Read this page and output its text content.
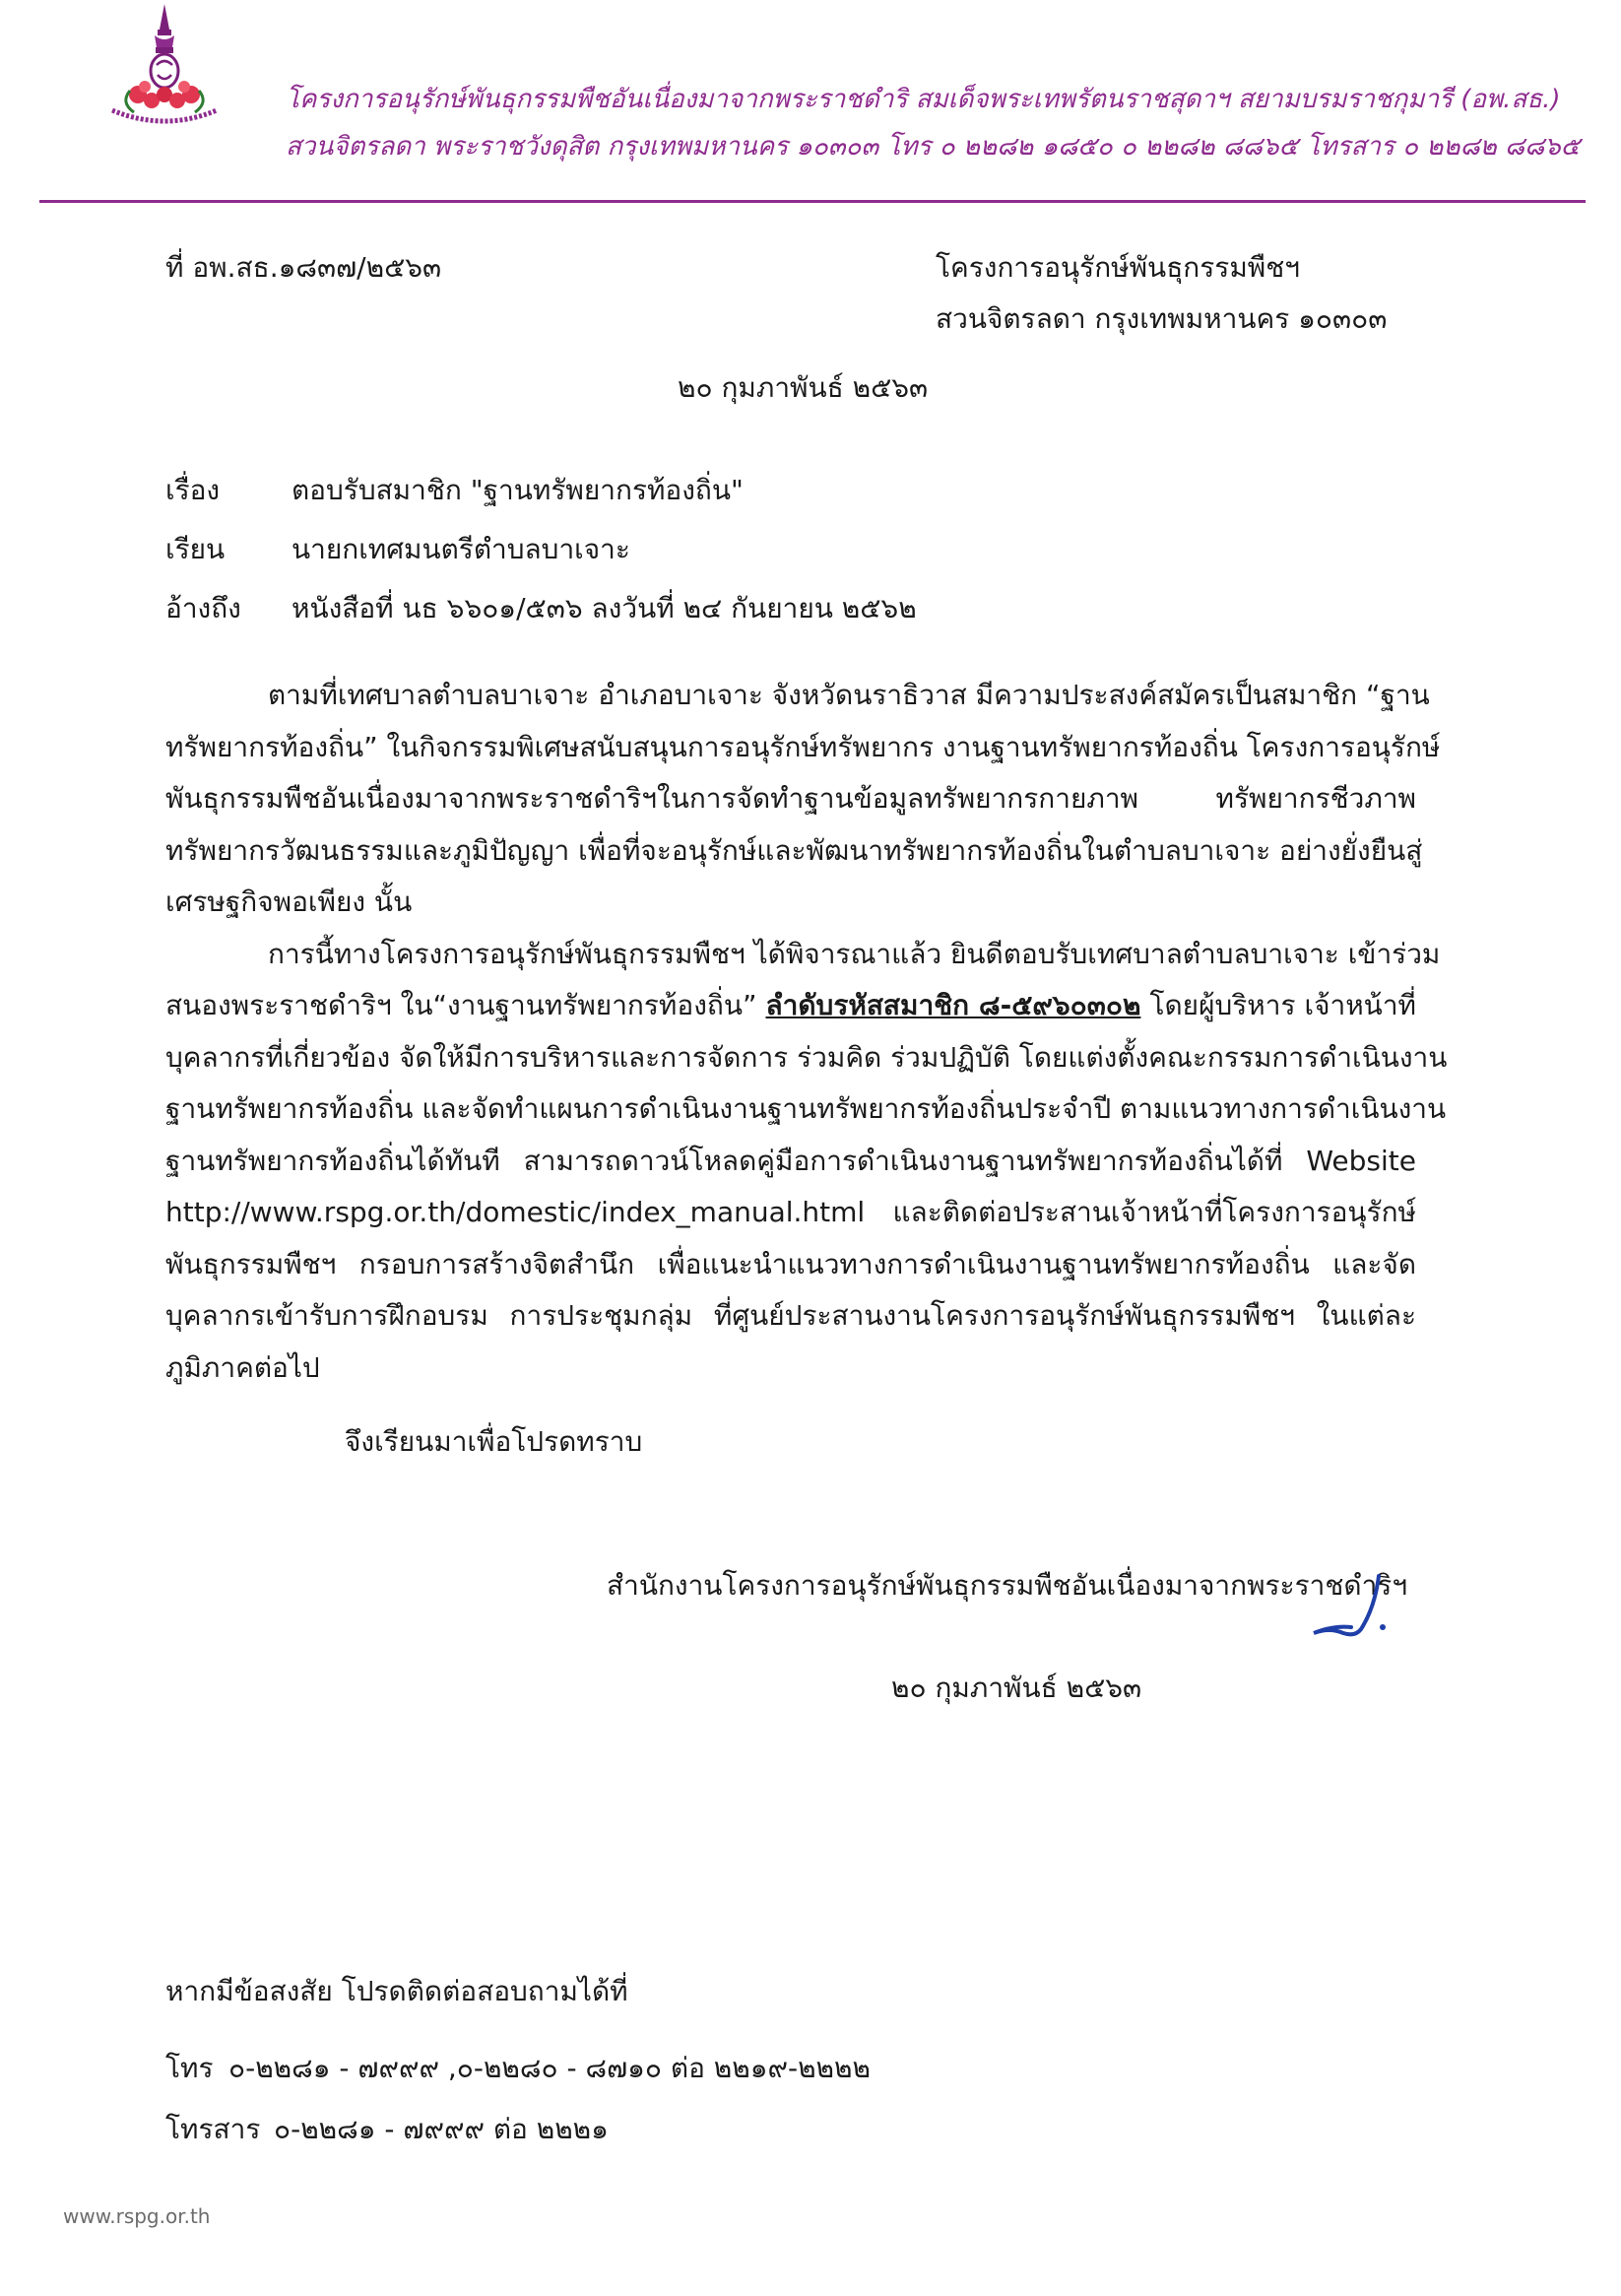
โครงการอนุรักษ์พันธุกรรมพืชอันเนื่องมาจากพระราชดำริ สมเด็จพระเทพรัตนราชสุดาฯ สยามบรมราชกุมารี (อพ.สธ.)
สวนจิตรลดา พระราชวังดุสิต กรุงเทพมหานคร ๑๐๓๐๓ โทร ๐ ๒๒๘๒ ๑๘๕๐ ๐ ๒๒๘๒ ๘๘๖๕ โทรสาร ๐ ๒๒๘๒ ๘๘๖๕
ที่ อพ.สธ.๑๘๓๗/๒๕๖๓	โครงการอนุรักษ์พันธุกรรมพืชฯ
สวนจิตรลดา กรุงเทพมหานคร ๑๐๓๐๓
๒๐ กุมภาพันธ์ ๒๕๖๓
เรื่อง	ตอบรับสมาชิก "ฐานทรัพยากรท้องถิ่น"
เรียน นายกเทศมนตรีตำบลบาเจาะ
อ้างถึง หนังสือที่ นธ ๖๖๐๑/๕๓๖ ลงวันที่ ๒๔ กันยายน ๒๕๖๒
ตามที่เทศบาลตำบลบาเจาะ อำเภอบาเจาะ จังหวัดนราธิวาส มีความประสงค์สมัครเป็นสมาชิก “ฐาน
ทรัพยากรท้องถิ่น” ในกิจกรรมพิเศษสนับสนุนการอนุรักษ์ทรัพยากร งานฐานทรัพยากรท้องถิ่น โครงการอนุรักษ์
พันธุกรรมพืชอันเนื่องมาจากพระราชดำริฯในการจัดทำฐานข้อมูลทรัพยากรกายภาพ ทรัพยากรชีวภาพ
ทรัพยากรวัฒนธรรมและภูมิปัญญา เพื่อที่จะอนุรักษ์และพัฒนาทรัพยากรท้องถิ่นในตำบลบาเจาะ อย่างยั่งยืนสู่
เศรษฐกิจพอเพียง นั้น
การนี้ทางโครงการอนุรักษ์พันธุกรรมพืชฯ ได้พิจารณาแล้ว ยินดีตอบรับเทศบาลตำบลบาเจาะ เข้าร่วม
สนองพระราชดำริฯ ใน“งานฐานทรัพยากรท้องถิ่น” ลำดับรหัสสมาชิก ๘-๕๙๖๐๓๐๒ โดยผู้บริหาร เจ้าหน้าที่
บุคลากรที่เกี่ยวข้อง จัดให้มีการบริหารและการจัดการ ร่วมคิด ร่วมปฏิบัติ โดยแต่งตั้งคณะกรรมการดำเนินงาน
ฐานทรัพยากรท้องถิ่น และจัดทำแผนการดำเนินงานฐานทรัพยากรท้องถิ่นประจำปี ตามแนวทางการดำเนินงาน
ฐานทรัพยากรท้องถิ่นได้ทันที สามารถดาวน์โหลดคู่มือการดำเนินงานฐานทรัพยากรท้องถิ่นได้ที่ Website
http://www.rspg.or.th/domestic/index_manual.html และติดต่อประสานเจ้าหน้าที่โครงการอนุรักษ์
พันธุกรรมพืชฯ กรอบการสร้างจิตสำนึก เพื่อแนะนำแนวทางการดำเนินงานฐานทรัพยากรท้องถิ่น และจัด
บุคลากรเข้ารับการฝึกอบรม การประชุมกลุ่ม ที่ศูนย์ประสานงานโครงการอนุรักษ์พันธุกรรมพืชฯ ในแต่ละ
ภูมิภาคต่อไป
จึงเรียนมาเพื่อโปรดทราบ
สำนักงานโครงการอนุรักษ์พันธุกรรมพืชอันเนื่องมาจากพระราชดำริฯ
๒๐ กุมภาพันธ์ ๒๕๖๓
หากมีข้อสงสัย โปรดติดต่อสอบถามได้ที่
โทร ๐-๒๒๘๑ - ๗๙๙๙ ,๐-๒๒๘๐ - ๘๗๑๐ ต่อ ๒๒๑๙-๒๒๒๒
โทรสาร ๐-๒๒๘๑ - ๗๙๙๙ ต่อ ๒๒๒๑
www.rspg.or.th
